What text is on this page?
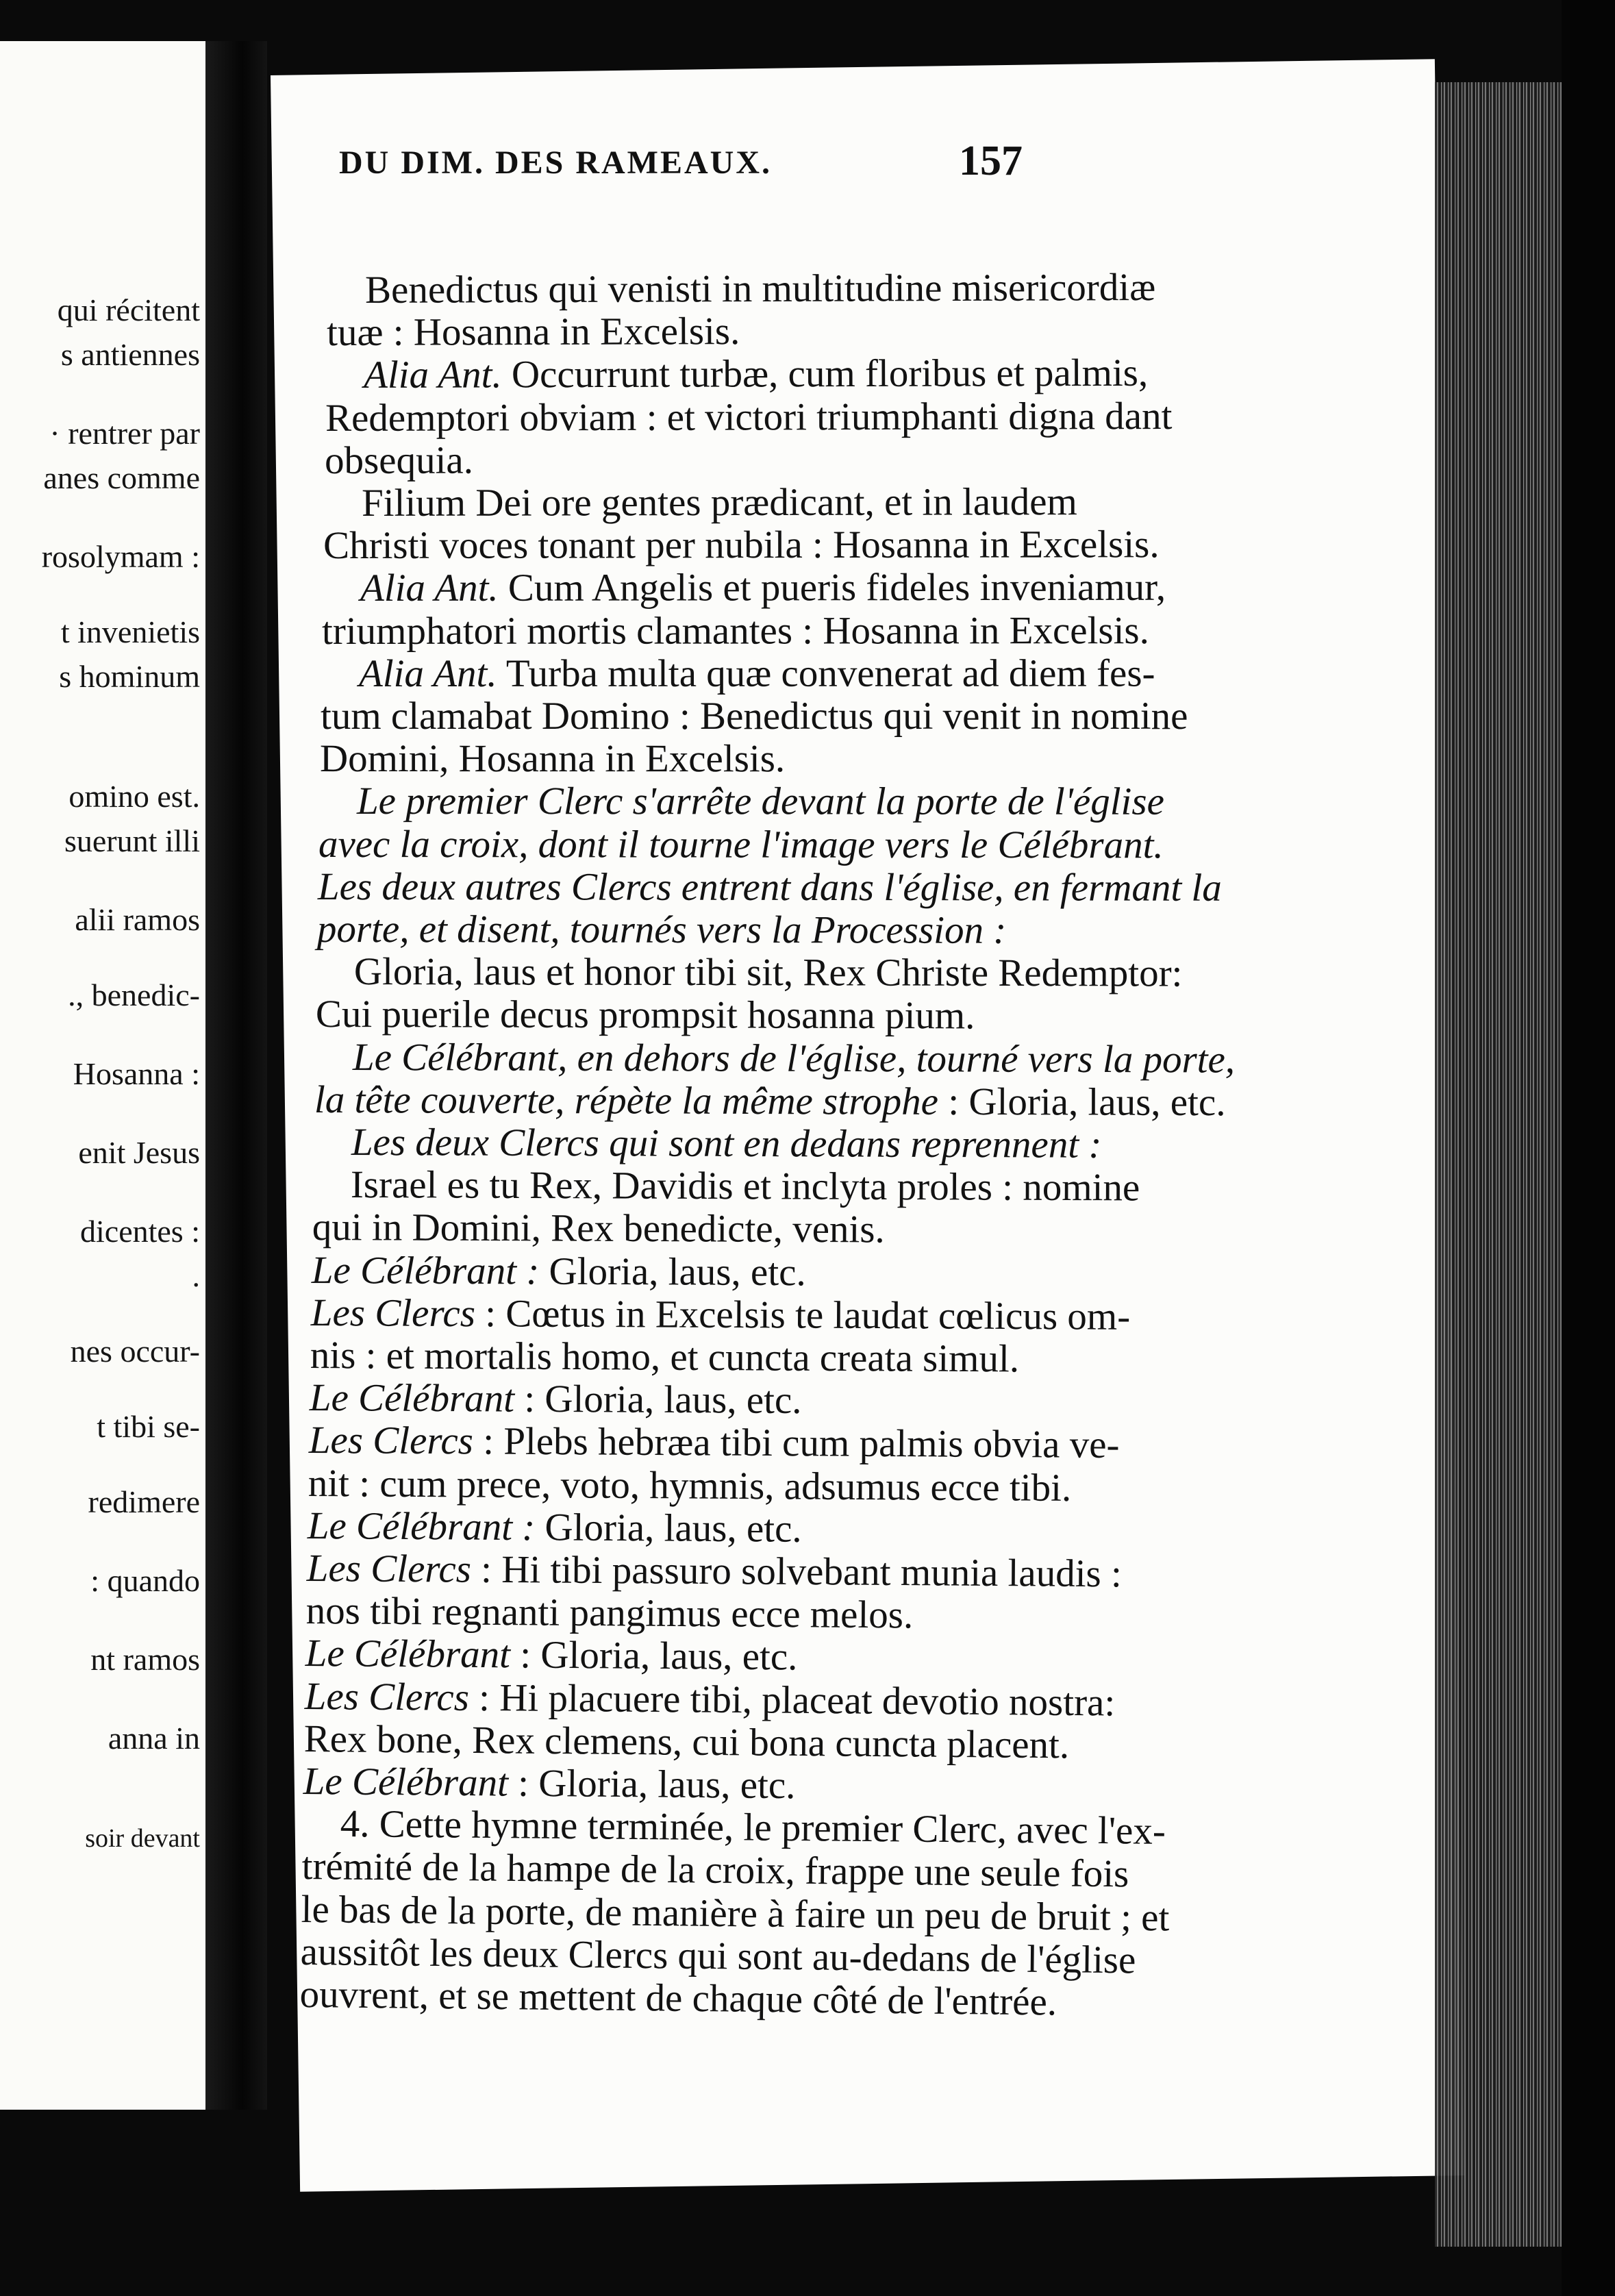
qui récitent

s antiennes

· rentrer par

anes comme

rosolymam :

t invenietis

s hominum

omino est.

suerunt illi

alii ramos

., benedic-

Hosanna :

enit Jesus

dicentes :

.

nes occur-

t tibi se-

redimere

: quando

nt ramos

anna in

soir devant

DU DIM. DES RAMEAUX.	157

Benedictus qui venisti in multitudine misericordiæ

tuæ : Hosanna in Excelsis.

Alia Ant. Occurrunt turbæ, cum floribus et palmis,

Redemptori obviam : et victori triumphanti digna dant

obsequia.

Filium Dei ore gentes prædicant, et in laudem

Christi voces tonant per nubila : Hosanna in Excelsis.

Alia Ant. Cum Angelis et pueris fideles inveniamur,

triumphatori mortis clamantes : Hosanna in Excelsis.

Alia Ant. Turba multa quæ convenerat ad diem fes-

tum clamabat Domino : Benedictus qui venit in nomine

Domini, Hosanna in Excelsis.

Le premier Clerc s'arrête devant la porte de l'église

avec la croix, dont il tourne l'image vers le Célébrant.

Les deux autres Clercs entrent dans l'église, en fermant la

porte, et disent, tournés vers la Procession :

Gloria, laus et honor tibi sit, Rex Christe Redemptor:

Cui puerile decus prompsit hosanna pium.

Le Célébrant, en dehors de l'église, tourné vers la porte,

la tête couverte, répète la même strophe : Gloria, laus, etc.

Les deux Clercs qui sont en dedans reprennent :

Israel es tu Rex, Davidis et inclyta proles : nomine

qui in Domini, Rex benedicte, venis.

Le Célébrant : Gloria, laus, etc.

Les Clercs : Cœtus in Excelsis te laudat cœlicus om-

nis : et mortalis homo, et cuncta creata simul.

Le Célébrant : Gloria, laus, etc.

Les Clercs : Plebs hebræa tibi cum palmis obvia ve-

nit : cum prece, voto, hymnis, adsumus ecce tibi.

Le Célébrant : Gloria, laus, etc.

Les Clercs : Hi tibi passuro solvebant munia laudis :

nos tibi regnanti pangimus ecce melos.

Le Célébrant : Gloria, laus, etc.

Les Clercs : Hi placuere tibi, placeat devotio nostra:

Rex bone, Rex clemens, cui bona cuncta placent.

Le Célébrant : Gloria, laus, etc.

4. Cette hymne terminée, le premier Clerc, avec l'ex-

trémité de la hampe de la croix, frappe une seule fois

le bas de la porte, de manière à faire un peu de bruit ; et

aussitôt les deux Clercs qui sont au-dedans de l'église

ouvrent, et se mettent de chaque côté de l'entrée.
